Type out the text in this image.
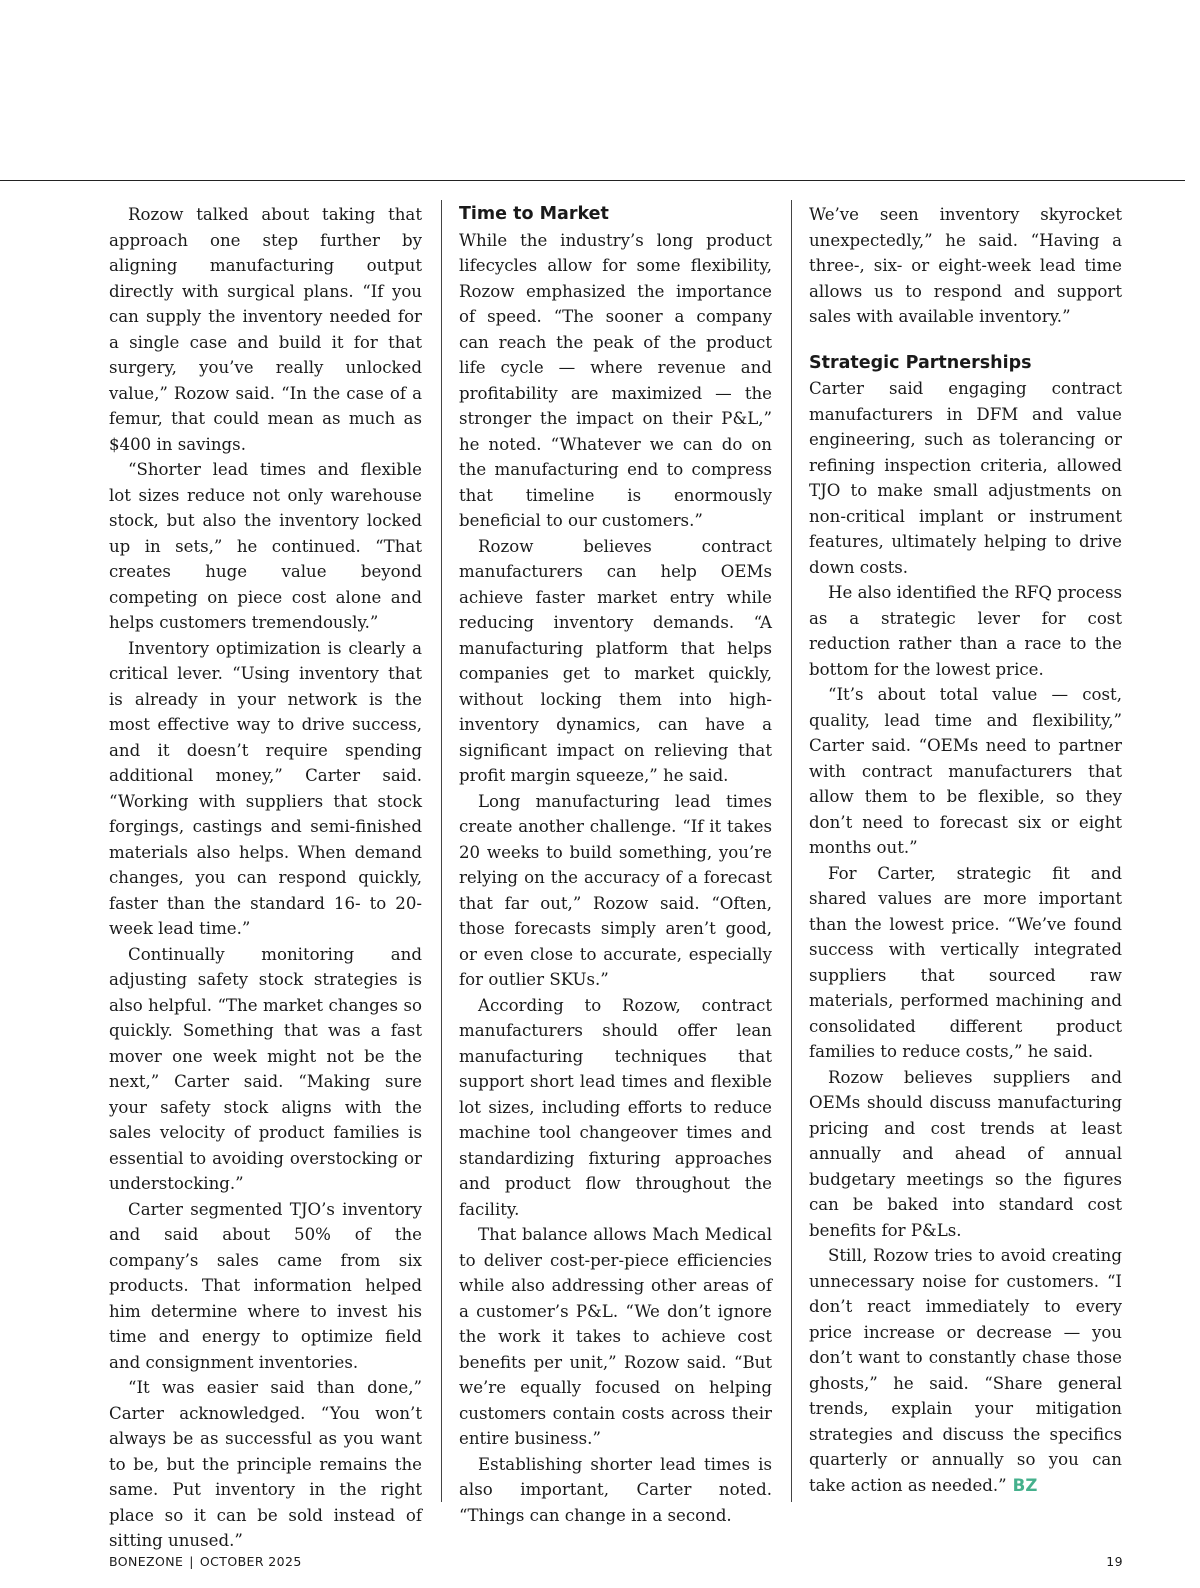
Rozow talked about taking that approach one step further by aligning manufacturing output directly with surgical plans. “If you can supply the inventory needed for a single case and build it for that surgery, you’ve really unlocked value,” Rozow said. “In the case of a femur, that could mean as much as $400 in savings.

“Shorter lead times and flexible lot sizes reduce not only warehouse stock, but also the inventory locked up in sets,” he continued. “That creates huge value beyond competing on piece cost alone and helps customers tremendously.”

Inventory optimization is clearly a critical lever. “Using inventory that is already in your network is the most effective way to drive success, and it doesn’t require spending additional money,” Carter said. “Working with suppliers that stock forgings, castings and semi-finished materials also helps. When demand changes, you can respond quickly, faster than the standard 16- to 20-week lead time.”

Continually monitoring and adjusting safety stock strategies is also helpful. “The market changes so quickly. Something that was a fast mover one week might not be the next,” Carter said. “Making sure your safety stock aligns with the sales velocity of product families is essential to avoiding overstocking or understocking.”

Carter segmented TJO’s inventory and said about 50% of the company’s sales came from six products. That information helped him determine where to invest his time and energy to optimize field and consignment inventories.

“It was easier said than done,” Carter acknowledged. “You won’t always be as successful as you want to be, but the principle remains the same. Put inventory in the right place so it can be sold instead of sitting unused.”

Time to Market

While the industry’s long product lifecycles allow for some flexibility, Rozow emphasized the importance of speed. “The sooner a company can reach the peak of the product life cycle — where revenue and profitability are maximized — the stronger the impact on their P&L,” he noted. “Whatever we can do on the manufacturing end to compress that timeline is enormously beneficial to our customers.”

Rozow believes contract manufacturers can help OEMs achieve faster market entry while reducing inventory demands. “A manufacturing platform that helps companies get to market quickly, without locking them into high-inventory dynamics, can have a significant impact on relieving that profit margin squeeze,” he said.

Long manufacturing lead times create another challenge. “If it takes 20 weeks to build something, you’re relying on the accuracy of a forecast that far out,” Rozow said. “Often, those forecasts simply aren’t good, or even close to accurate, especially for outlier SKUs.”

According to Rozow, contract manufacturers should offer lean manufacturing techniques that support short lead times and flexible lot sizes, including efforts to reduce machine tool changeover times and standardizing fixturing approaches and product flow throughout the facility.

That balance allows Mach Medical to deliver cost-per-piece efficiencies while also addressing other areas of a customer’s P&L. “We don’t ignore the work it takes to achieve cost benefits per unit,” Rozow said. “But we’re equally focused on helping customers contain costs across their entire business.”

Establishing shorter lead times is also important, Carter noted. “Things can change in a second.

We’ve seen inventory skyrocket unexpectedly,” he said. “Having a three-, six- or eight-week lead time allows us to respond and support sales with available inventory.”

Strategic Partnerships

Carter said engaging contract manufacturers in DFM and value engineering, such as tolerancing or refining inspection criteria, allowed TJO to make small adjustments on non-critical implant or instrument features, ultimately helping to drive down costs.

He also identified the RFQ process as a strategic lever for cost reduction rather than a race to the bottom for the lowest price.

“It’s about total value — cost, quality, lead time and flexibility,” Carter said. “OEMs need to partner with contract manufacturers that allow them to be flexible, so they don’t need to forecast six or eight months out.”

For Carter, strategic fit and shared values are more important than the lowest price. “We’ve found success with vertically integrated suppliers that sourced raw materials, performed machining and consolidated different product families to reduce costs,” he said.

Rozow believes suppliers and OEMs should discuss manufacturing pricing and cost trends at least annually and ahead of annual budgetary meetings so the figures can be baked into standard cost benefits for P&Ls.

Still, Rozow tries to avoid creating unnecessary noise for customers. “I don’t react immediately to every price increase or decrease — you don’t want to constantly chase those ghosts,” he said. “Share general trends, explain your mitigation strategies and discuss the specifics quarterly or annually so you can take action as needed.” BZ

BONEZONE | OCTOBER 2025	19
